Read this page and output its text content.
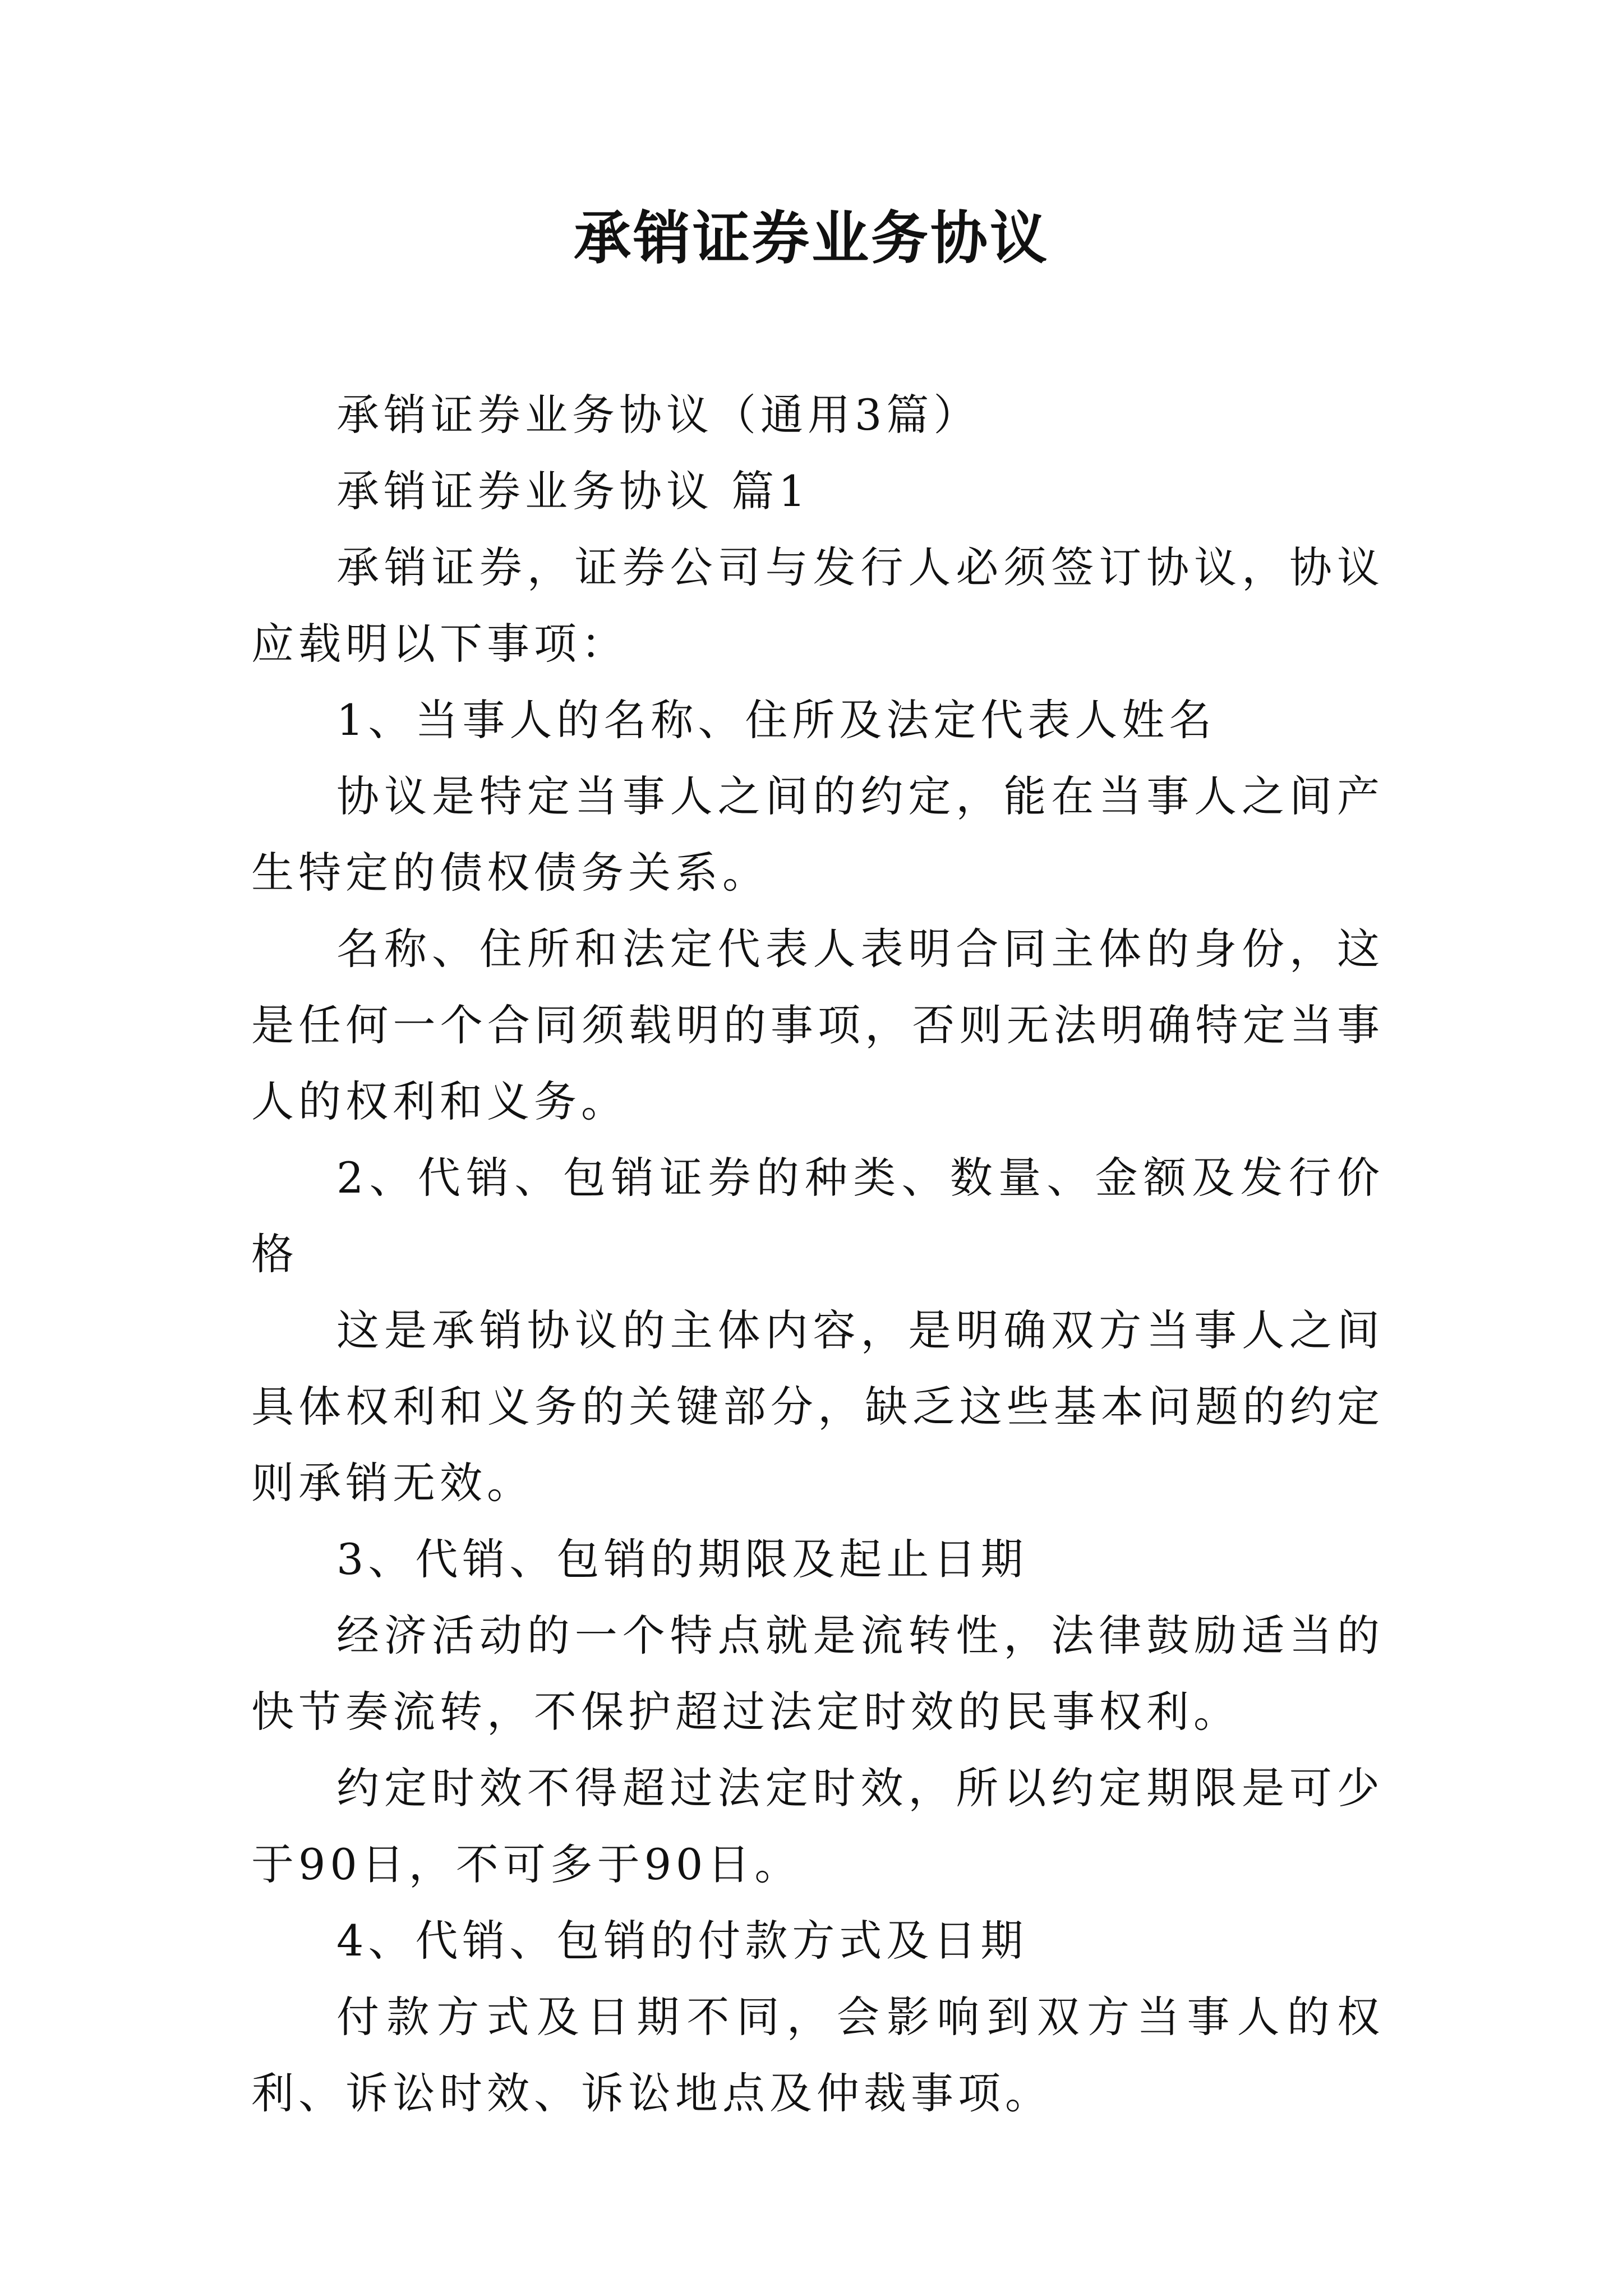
承销证券业务协议

承销证券业务协议（通用3篇）

承销证券业务协议 篇1

承销证券，证券公司与发行人必须签订协议，协议应载明以下事项：

1、当事人的名称、住所及法定代表人姓名

协议是特定当事人之间的约定，能在当事人之间产生特定的债权债务关系。

名称、住所和法定代表人表明合同主体的身份，这是任何一个合同须载明的事项，否则无法明确特定当事人的权利和义务。

2、代销、包销证券的种类、数量、金额及发行价格

这是承销协议的主体内容，是明确双方当事人之间具体权利和义务的关键部分，缺乏这些基本问题的约定则承销无效。

3、代销、包销的期限及起止日期

经济活动的一个特点就是流转性，法律鼓励适当的快节奏流转，不保护超过法定时效的民事权利。

约定时效不得超过法定时效，所以约定期限是可少于90日，不可多于90日。

4、代销、包销的付款方式及日期

付款方式及日期不同，会影响到双方当事人的权利、诉讼时效、诉讼地点及仲裁事项。
